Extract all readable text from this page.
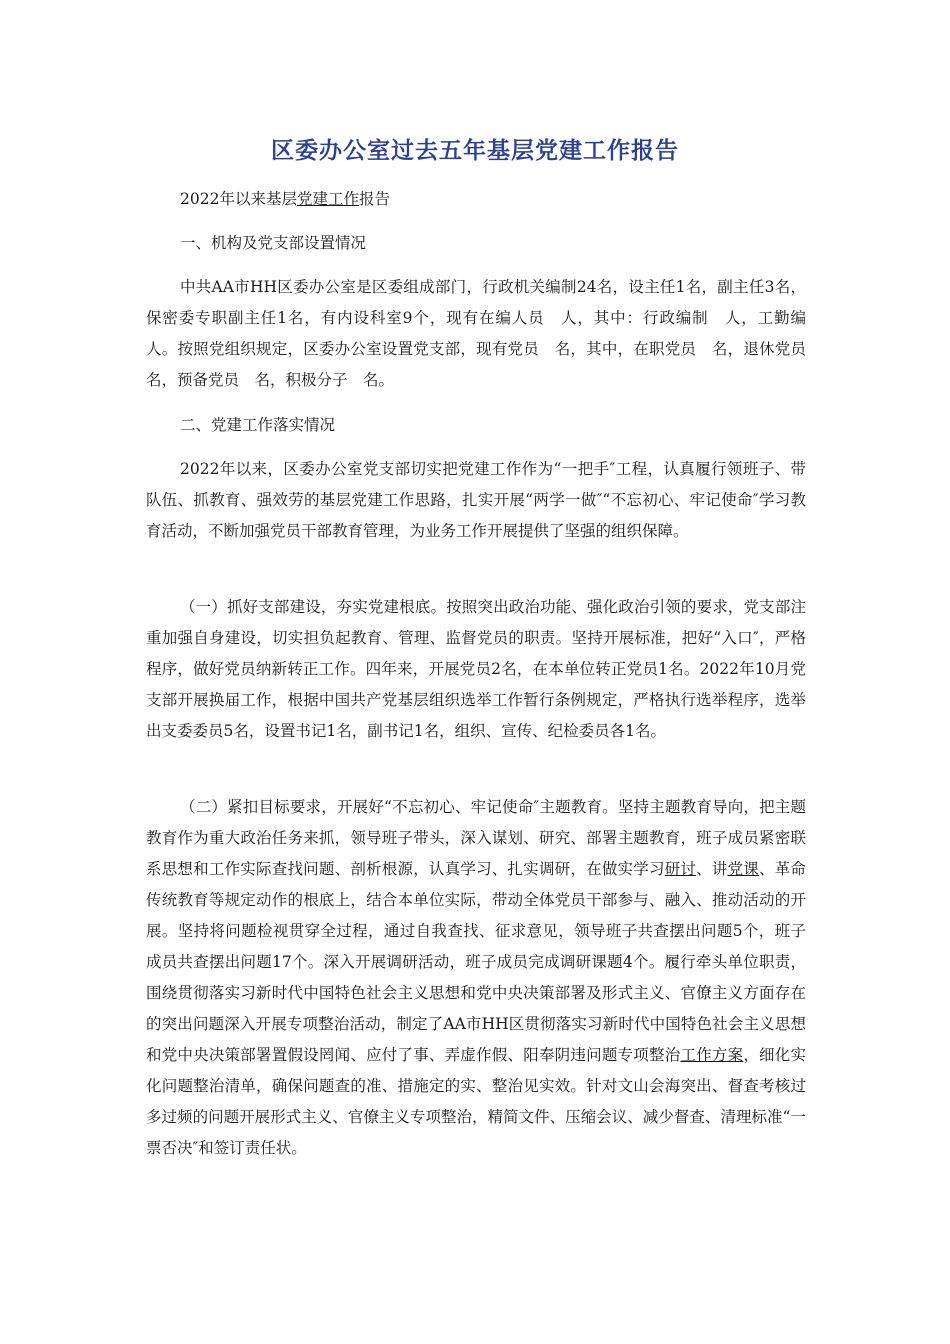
区委办公室过去五年基层党建工作报告

2022年以来基层党建工作报告

一、机构及党支部设置情况

中共AA市HH区委办公室是区委组成部门，行政机关编制24名，设主任1名，副主任3名，保密委专职副主任1名，有内设科室9个，现有在编人员　人，其中：行政编制　人，工勤编　人。按照党组织规定，区委办公室设置党支部，现有党员　名，其中，在职党员　名，退休党员　名，预备党员　名，积极分子　名。

二、党建工作落实情况

2022年以来，区委办公室党支部切实把党建工作作为“一把手″工程，认真履行领班子、带队伍、抓教育、强效劳的基层党建工作思路，扎实开展“两学一做″“不忘初心、牢记使命″学习教育活动，不断加强党员干部教育管理，为业务工作开展提供了坚强的组织保障。

（一）抓好支部建设，夯实党建根底。按照突出政治功能、强化政治引领的要求，党支部注重加强自身建设，切实担负起教育、管理、监督党员的职责。坚持开展标准，把好“入口″，严格程序，做好党员纳新转正工作。四年来，开展党员2名，在本单位转正党员1名。2022年10月党支部开展换届工作，根据中国共产党基层组织选举工作暂行条例规定，严格执行选举程序，选举出支委委员5名，设置书记1名，副书记1名，组织、宣传、纪检委员各1名。

（二）紧扣目标要求，开展好“不忘初心、牢记使命″主题教育。坚持主题教育导向，把主题教育作为重大政治任务来抓，领导班子带头，深入谋划、研究、部署主题教育，班子成员紧密联系思想和工作实际查找问题、剖析根源，认真学习、扎实调研，在做实学习研讨、讲党课、革命传统教育等规定动作的根底上，结合本单位实际，带动全体党员干部参与、融入、推动活动的开展。坚持将问题检视贯穿全过程，通过自我查找、征求意见，领导班子共查摆出问题5个，班子成员共查摆出问题17个。深入开展调研活动，班子成员完成调研课题4个。履行牵头单位职责，围绕贯彻落实习新时代中国特色社会主义思想和党中央决策部署及形式主义、官僚主义方面存在的突出问题深入开展专项整治活动，制定了AA市HH区贯彻落实习新时代中国特色社会主义思想和党中央决策部署置假设罔闻、应付了事、弄虚作假、阳奉阴违问题专项整治工作方案，细化实化问题整治清单，确保问题查的准、措施定的实、整治见实效。针对文山会海突出、督查考核过多过频的问题开展形式主义、官僚主义专项整治，精简文件、压缩会议、减少督查、清理标准“一票否决″和签订责任状。
